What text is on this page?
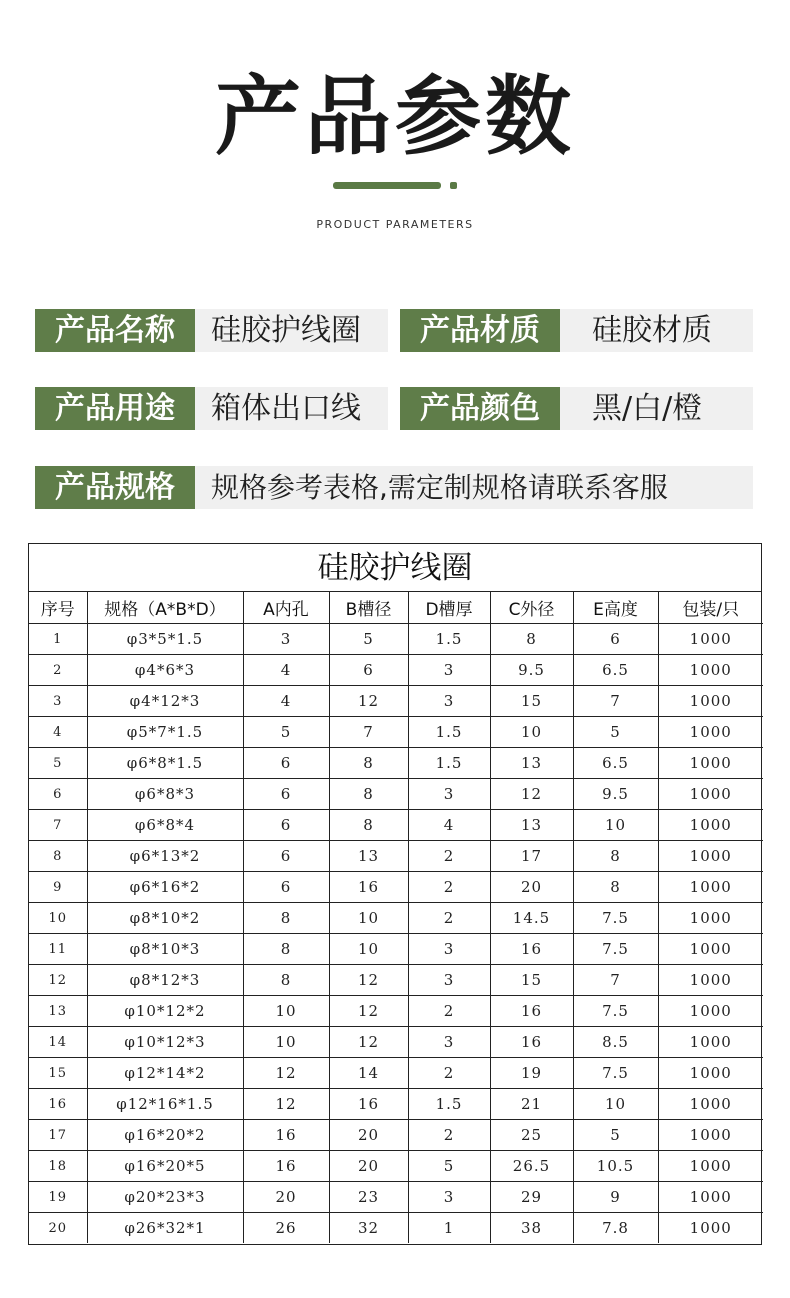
产品参数
PRODUCT PARAMETERS
产品名称	硅胶护线圈	产品材质	硅胶材质
产品用途	箱体出口线	产品颜色	黑/白/橙
产品规格	规格参考表格,需定制规格请联系客服
硅胶护线圈
序号	规格（A*B*D）	A内孔	B槽径	D槽厚	C外径	E高度	包装/只
1	φ3*5*1.5	3	5	1.5	8	6	1000
2	φ4*6*3	4	6	3	9.5	6.5	1000
3	φ4*12*3	4	12	3	15	7	1000
4	φ5*7*1.5	5	7	1.5	10	5	1000
5	φ6*8*1.5	6	8	1.5	13	6.5	1000
6	φ6*8*3	6	8	3	12	9.5	1000
7	φ6*8*4	6	8	4	13	10	1000
8	φ6*13*2	6	13	2	17	8	1000
9	φ6*16*2	6	16	2	20	8	1000
10	φ8*10*2	8	10	2	14.5	7.5	1000
11	φ8*10*3	8	10	3	16	7.5	1000
12	φ8*12*3	8	12	3	15	7	1000
13	φ10*12*2	10	12	2	16	7.5	1000
14	φ10*12*3	10	12	3	16	8.5	1000
15	φ12*14*2	12	14	2	19	7.5	1000
16	φ12*16*1.5	12	16	1.5	21	10	1000
17	φ16*20*2	16	20	2	25	5	1000
18	φ16*20*5	16	20	5	26.5	10.5	1000
19	φ20*23*3	20	23	3	29	9	1000
20	φ26*32*1	26	32	1	38	7.8	1000
